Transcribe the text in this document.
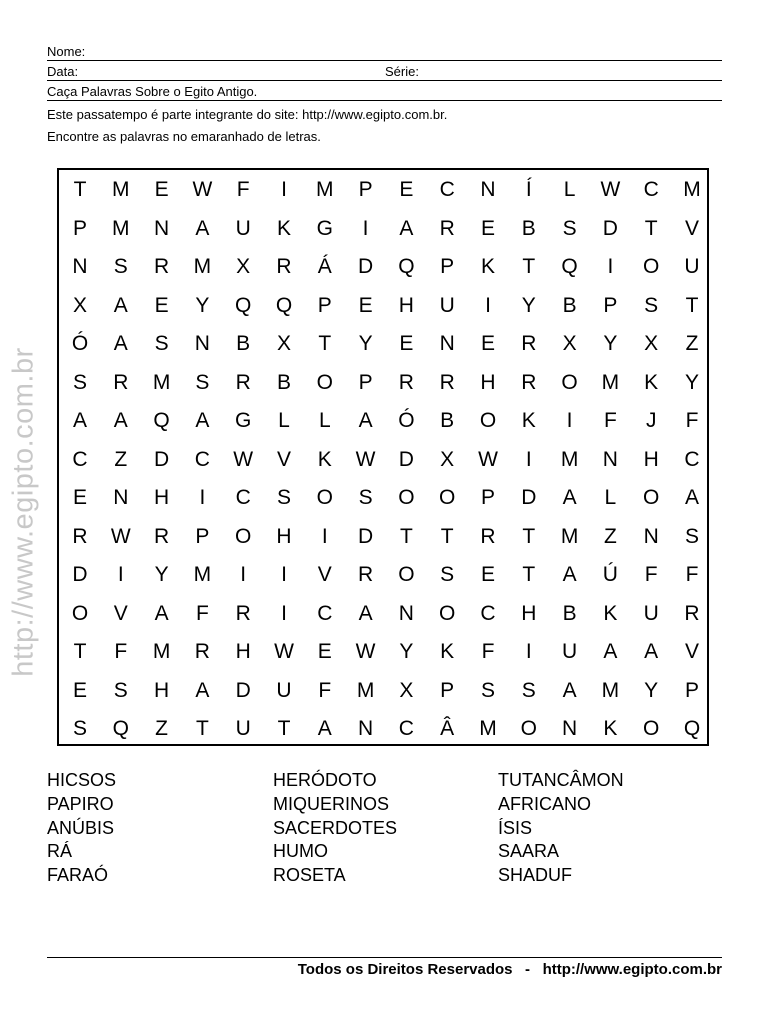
Nome:
Data:	Série:
Caça Palavras Sobre o Egito Antigo.
Este passatempo é parte integrante do site: http://www.egipto.com.br.
Encontre as palavras no emaranhado de letras.
http://www.egipto.com.br
T	M	E	W	F	I	M	P	E	C	N	Í	L	W	C	M
P	M	N	A	U	K	G	I	A	R	E	B	S	D	T	V
N	S	R	M	X	R	Á	D	Q	P	K	T	Q	I	O	U
X	A	E	Y	Q	Q	P	E	H	U	I	Y	B	P	S	T
Ó	A	S	N	B	X	T	Y	E	N	E	R	X	Y	X	Z
S	R	M	S	R	B	O	P	R	R	H	R	O	M	K	Y
A	A	Q	A	G	L	L	A	Ó	B	O	K	I	F	J	F
C	Z	D	C	W	V	K	W	D	X	W	I	M	N	H	C
E	N	H	I	C	S	O	S	O	O	P	D	A	L	O	A
R	W	R	P	O	H	I	D	T	T	R	T	M	Z	N	S
D	I	Y	M	I	I	V	R	O	S	E	T	A	Ú	F	F
O	V	A	F	R	I	C	A	N	O	C	H	B	K	U	R
T	F	M	R	H	W	E	W	Y	K	F	I	U	A	A	V
E	S	H	A	D	U	F	M	X	P	S	S	A	M	Y	P
S	Q	Z	T	U	T	A	N	C	Â	M	O	N	K	O	Q
HICSOS
PAPIRO
ANÚBIS
RÁ
FARAÓ
HERÓDOTO
MIQUERINOS
SACERDOTES
HUMO
ROSETA
TUTANCÂMON
AFRICANO
ÍSIS
SAARA
SHADUF
Todos os Direitos Reservados - http://www.egipto.com.br
